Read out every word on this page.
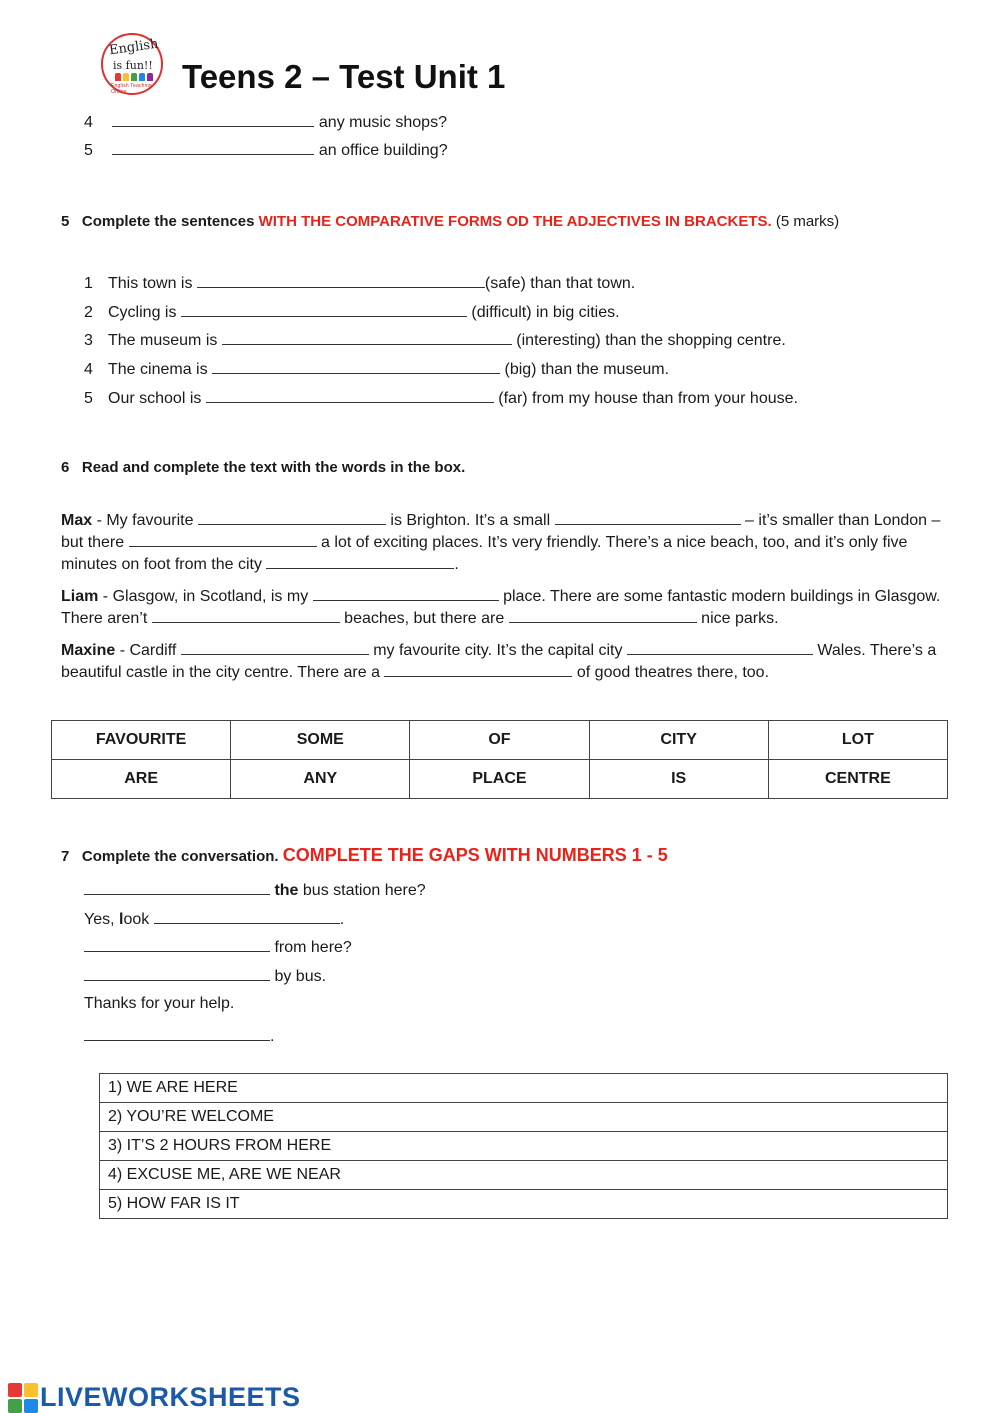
English
is fun!!
English Teaching Online	Teens 2 – Test Unit 1
4	any music shops?
5	an office building?
5 Complete the sentences WITH THE COMPARATIVE FORMS OD THE ADJECTIVES IN BRACKETS. (5 marks)
1 This town is	(safe) than that town.
2 Cycling is	(difficult) in big cities.
3 The museum is	(interesting) than the shopping centre.
4 The cinema is	(big) than the museum.
5 Our school is	(far) from my house than from your house.
6 Read and complete the text with the words in the box.

Max - My favourite	is Brighton. It’s a small	– it’s smaller than London – but there	a lot of exciting places. It’s very friendly. There’s a nice beach, too, and it’s only five minutes on foot from the city	.

Liam - Glasgow, in Scotland, is my	place. There are some fantastic modern buildings in Glasgow. There aren’t	beaches, but there are	nice parks.

Maxine - Cardiff	my favourite city. It’s the capital city	Wales. There’s a beautiful castle in the city centre. There are a	of good theatres there, too.

FAVOURITE	SOME	OF	CITY	LOT
ARE	ANY	PLACE	IS	CENTRE
7 Complete the conversation. COMPLETE THE GAPS WITH NUMBERS 1 - 5
the bus station here?
Yes, look	.
from here?
by bus.
Thanks for your help.
.
1) WE ARE HERE
2) YOU’RE WELCOME
3) IT’S 2 HOURS FROM HERE
4) EXCUSE ME, ARE WE NEAR
5) HOW FAR IS IT
LIVEWORKSHEETS
